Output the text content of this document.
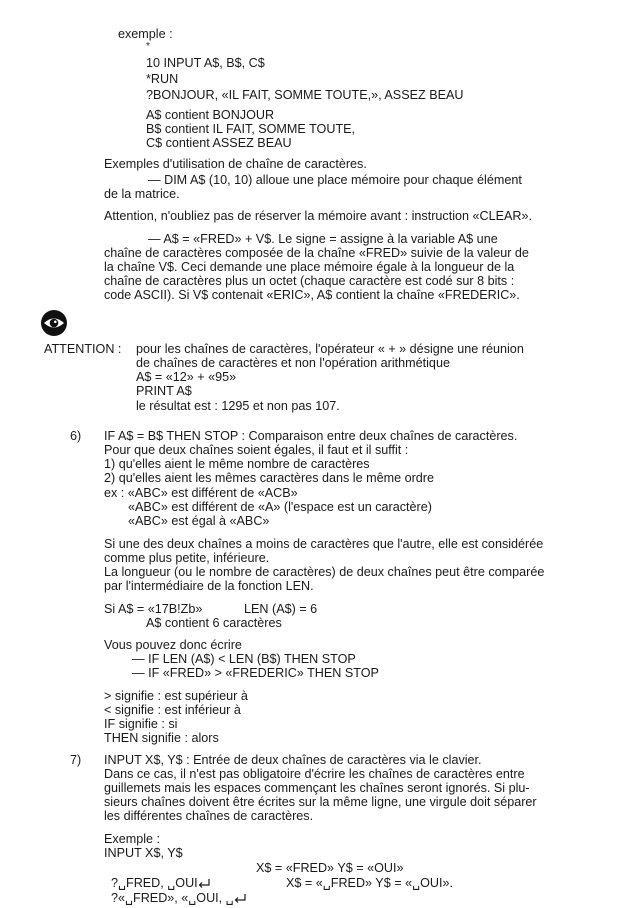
exemple :
*
10 INPUT A$, B$, C$
*RUN
?BONJOUR, «IL FAIT, SOMME TOUTE,», ASSEZ BEAU
A$ contient BONJOUR
B$ contient IL FAIT, SOMME TOUTE,
C$ contient ASSEZ BEAU
Exemples d'utilisation de chaîne de caractères.
— DIM A$ (10, 10) alloue une place mémoire pour chaque élément
de la matrice.
Attention, n'oubliez pas de réserver la mémoire avant : instruction «CLEAR».
— A$ = «FRED» + V$. Le signe = assigne à la variable A$ une
chaîne de caractères composée de la chaîne «FRED» suivie de la valeur de
la chaîne V$. Ceci demande une place mémoire égale à la longueur de la
chaîne de caractères plus un octet (chaque caractère est codé sur 8 bits :
code ASCII). Si V$ contenait «ERIC», A$ contient la chaîne «FREDERIC».
ATTENTION : pour les chaînes de caractères, l'opérateur « + » désigne une réunion
de chaînes de caractères et non l'opération arithmétique
A$ = «12» + «95»
PRINT A$
le résultat est : 1295 et non pas 107.
6) IF A$ = B$ THEN STOP : Comparaison entre deux chaînes de caractères.
Pour que deux chaînes soient égales, il faut et il suffit :
1) qu'elles aient le même nombre de caractères
2) qu'elles aient les mêmes caractères dans le même ordre
ex : «ABC» est différent de «ACB»
«ABC» est différent de «A» (l'espace est un caractère)
«ABC» est égal à «ABC»
Si une des deux chaînes a moins de caractères que l'autre, elle est considérée
comme plus petite, inférieure.
La longueur (ou le nombre de caractères) de deux chaînes peut être comparée
par l'intermédiaire de la fonction LEN.
Si A$ = «17B!Zb»	LEN (A$) = 6
A$ contient 6 caractères
Vous pouvez donc écrire
— IF LEN (A$) < LEN (B$) THEN STOP
— IF «FRED» > «FREDERIC» THEN STOP
> signifie : est supérieur à
< signifie : est inférieur à
IF signifie : si
THEN signifie : alors
7) INPUT X$, Y$ : Entrée de deux chaînes de caractères via le clavier.
Dans ce cas, il n'est pas obligatoire d'écrire les chaînes de caractères entre
guillemets mais les espaces commençant les chaînes seront ignorés. Si plu-
sieurs chaînes doivent être écrites sur la même ligne, une virgule doit séparer
les différentes chaînes de caractères.
Exemple :
INPUT X$, Y$

?␣FRED, ␣OUI

X$ = «FRED» Y$ = «OUI»

?«␣FRED», «␣OUI, ␣

X$ = «␣FRED» Y$ = «␣OUI».
